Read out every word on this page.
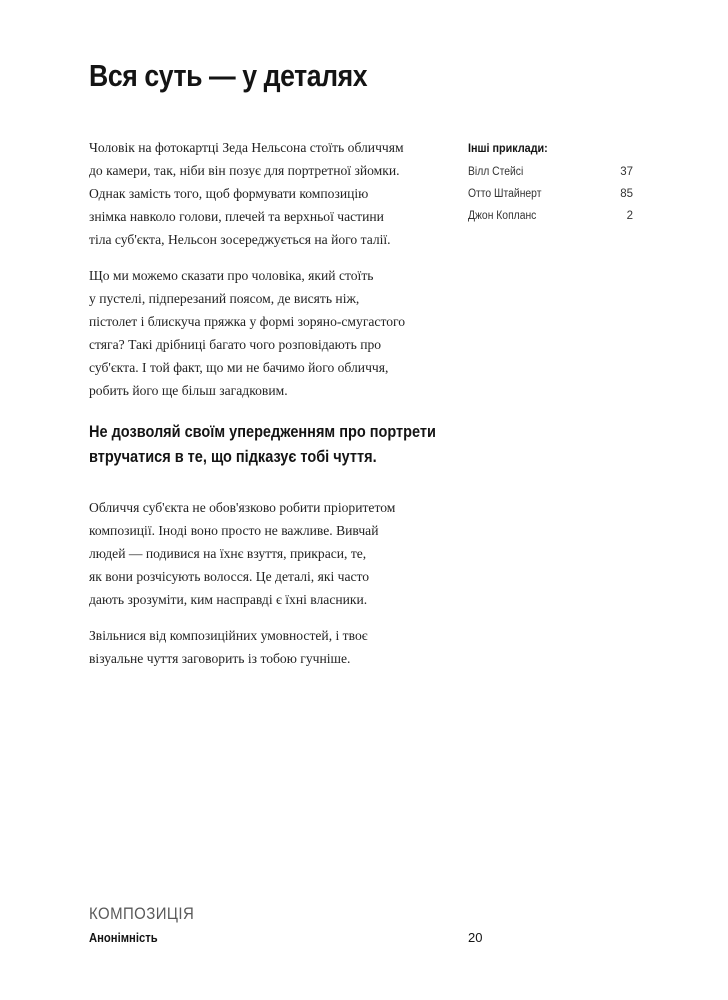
Вся суть — у деталях

Чоловік на фотокартці Зеда Нельсона стоїть обличчям
до камери, так, ніби він позує для портретної зйомки.
Однак замість того, щоб формувати композицію
знімка навколо голови, плечей та верхньої частини
тіла суб'єкта, Нельсон зосереджується на його талії.

Що ми можемо сказати про чоловіка, який стоїть
у пустелі, підперезаний поясом, де висять ніж,
пістолет і блискуча пряжка у формі зоряно-смугастого
стяга? Такі дрібниці багато чого розповідають про
суб'єкта. І той факт, що ми не бачимо його обличчя,
робить його ще більш загадковим.

Не дозволяй своїм упередженням про портрети
втручатися в те, що підказує тобі чуття.

Обличчя суб'єкта не обов'язково робити пріоритетом
композиції. Іноді воно просто не важливе. Вивчай
людей — подивися на їхнє взуття, прикраси, те,
як вони розчісують волосся. Це деталі, які часто
дають зрозуміти, ким насправді є їхні власники.

Звільнися від композиційних умовностей, і твоє
візуальне чуття заговорить із тобою гучніше.

Інші приклади:
Вілл Стейсі	37
Отто Штайнерт	85
Джон Копланс	2
КОМПОЗИЦІЯ
Анонімність	20
